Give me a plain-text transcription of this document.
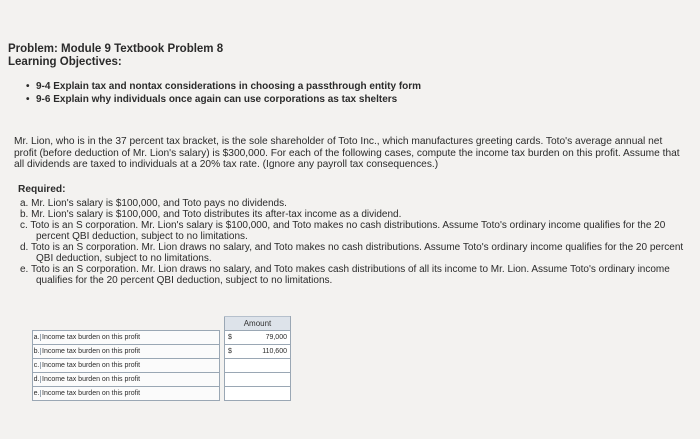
Problem: Module 9 Textbook Problem 8
Learning Objectives:
• 9-4 Explain tax and nontax considerations in choosing a passthrough entity form
• 9-6 Explain why individuals once again can use corporations as tax shelters

Mr. Lion, who is in the 37 percent tax bracket, is the sole shareholder of Toto Inc., which manufactures greeting cards. Toto's average annual net profit (before deduction of Mr. Lion's salary) is $300,000. For each of the following cases, compute the income tax burden on this profit. Assume that all dividends are taxed to individuals at a 20% tax rate. (Ignore any payroll tax consequences.)

Required:
a. Mr. Lion's salary is $100,000, and Toto pays no dividends.
b. Mr. Lion's salary is $100,000, and Toto distributes its after-tax income as a dividend.
c. Toto is an S corporation. Mr. Lion's salary is $100,000, and Toto makes no cash distributions. Assume Toto's ordinary income qualifies for the 20 percent QBI deduction, subject to no limitations.
d. Toto is an S corporation. Mr. Lion draws no salary, and Toto makes no cash distributions. Assume Toto's ordinary income qualifies for the 20 percent QBI deduction, subject to no limitations.
e. Toto is an S corporation. Mr. Lion draws no salary, and Toto makes cash distributions of all its income to Mr. Lion. Assume Toto's ordinary income qualifies for the 20 percent QBI deduction, subject to no limitations.
		Amount	
a. Income tax burden on this profit		$	79,000
b. Income tax burden on this profit		$	110,600
c. Income tax burden on this profit			
d. Income tax burden on this profit			
e. Income tax burden on this profit			
